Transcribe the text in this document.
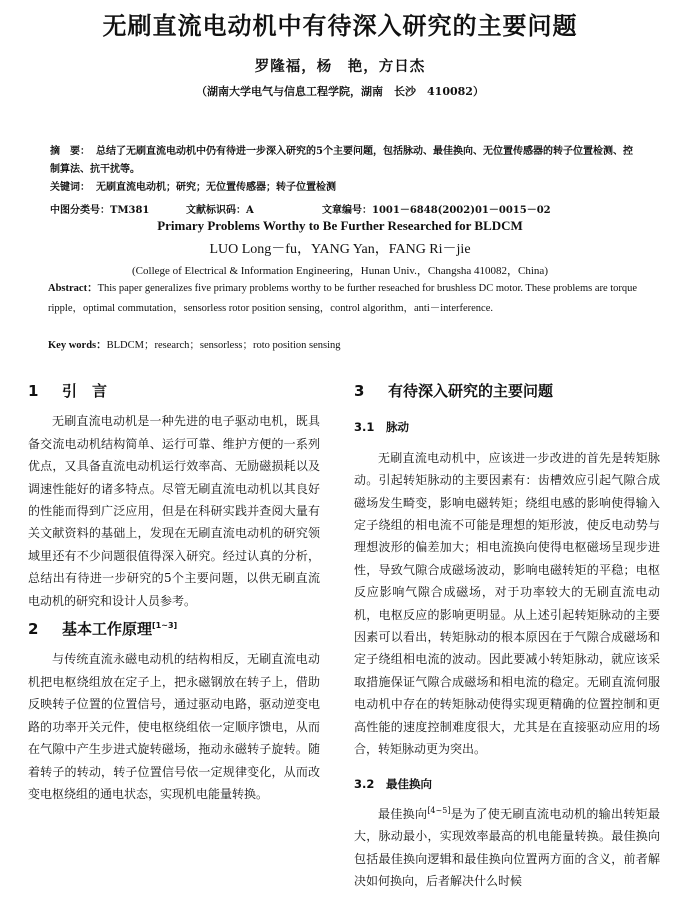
无刷直流电动机中有待深入研究的主要问题
罗隆福，杨　艳，方日杰
（湖南大学电气与信息工程学院，湖南　长沙　410082）
摘　要： 总结了无刷直流电动机中仍有待进一步深入研究的5个主要问题，包括脉动、最佳换向、无位置传感器的转子位置检测、控制算法、抗干扰等。
关键词： 无刷直流电动机；研究；无位置传感器；转子位置检测
中图分类号：TM381	文献标识码：A	文章编号：1001－6848(2002)01－0015－02
Primary Problems Worthy to Be Further Researched for BLDCM
LUO Long－fu，YANG Yan，FANG Ri－jie
(College of Electrical & Information Engineering，Hunan Univ.，Changsha 410082，China)
Abstract：This paper generalizes five primary problems worthy to be further reseached for brushless DC motor. These problems are torque ripple，optimal commutation，sensorless rotor position sensing，control algorithm，anti－interference.
Key words：BLDCM；research；sensorless；roto position sensing
1 引　言

无刷直流电动机是一种先进的电子驱动电机，既具备交流电动机结构简单、运行可靠、维护方便的一系列优点，又具备直流电动机运行效率高、无励磁损耗以及调速性能好的诸多特点。尽管无刷直流电动机以其良好的性能而得到广泛应用，但是在科研实践并查阅大量有关文献资料的基础上，发现在无刷直流电动机的研究领域里还有不少问题很值得深入研究。经过认真的分析，总结出有待进一步研究的5个主要问题，以供无刷直流电动机的研究和设计人员参考。

2 基本工作原理[1~3]

与传统直流永磁电动机的结构相反，无刷直流电动机把电枢绕组放在定子上，把永磁钢放在转子上，借助反映转子位置的位置信号，通过驱动电路，驱动逆变电路的功率开关元件，使电枢绕组依一定顺序馈电，从而在气隙中产生步进式旋转磁场，拖动永磁转子旋转。随着转子的转动，转子位置信号依一定规律变化，从而改变电枢绕组的通电状态，实现机电能量转换。

3 有待深入研究的主要问题
3.1 脉动

无刷直流电动机中，应该进一步改进的首先是转矩脉动。引起转矩脉动的主要因素有：齿槽效应引起气隙合成磁场发生畸变，影响电磁转矩；绕组电感的影响使得输入定子绕组的相电流不可能是理想的矩形波，使反电动势与理想波形的偏差加大；相电流换向使得电枢磁场呈现步进性，导致气隙合成磁场波动，影响电磁转矩的平稳；电枢反应影响气隙合成磁场，对于功率较大的无刷直流电动机，电枢反应的影响更明显。从上述引起转矩脉动的主要因素可以看出，转矩脉动的根本原因在于气隙合成磁场和定子绕组相电流的波动。因此要减小转矩脉动，就应该采取措施保证气隙合成磁场和相电流的稳定。无刷直流伺服电动机中存在的转矩脉动使得实现更精确的位置控制和更高性能的速度控制难度很大，尤其是在直接驱动应用的场合，转矩脉动更为突出。

3.2 最佳换向

最佳换向[4~5]是为了使无刷直流电动机的输出转矩最大，脉动最小，实现效率最高的机电能量转换。最佳换向包括最佳换向逻辑和最佳换向位置两方面的含义，前者解决如何换向，后者解决什么时候
